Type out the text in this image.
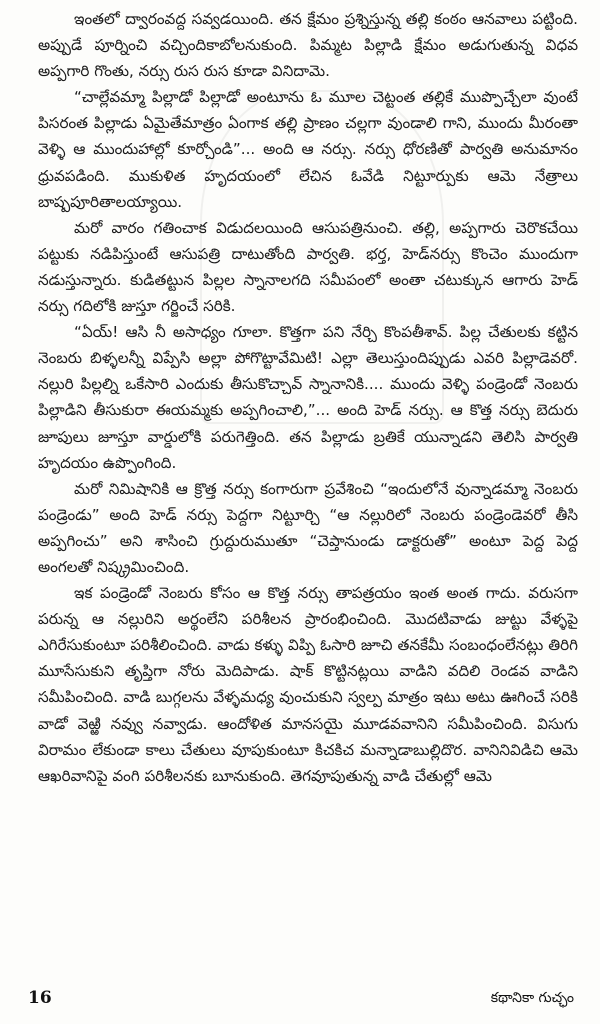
ఇంతలో ద్వారంవద్ద సవ్వడయింది. తన క్షేమం ప్రశ్నిస్తున్న తల్లి కంఠం ఆనవాలు పట్టింది. అప్పుడే పూర్నించి వచ్చిందికాబోలనుకుంది. పిమ్మట పిల్లాడి క్షేమం అడుగుతున్న విధవ అప్పగారి గొంతు, నర్సు రుస రుస కూడా వినిదామె.

“చాల్లేవమ్మా పిల్లాడో పిల్లాడో అంటూను ఓ మూల చెట్టంత తల్లికే ముప్పొచ్చేలా వుంటే పిసరంత పిల్లాడు ఏమైతేమాత్రం ఏంగాక తల్లి ప్రాణం చల్లగా వుండాలి గాని, ముందు మీరంతా వెళ్ళి ఆ ముందుహాల్లో కూర్చోండి”... అంది ఆ నర్సు. నర్సు ధోరణితో పార్వతి అనుమానం ధ్రువపడింది. ముకుళిత హృదయంలో లేచిన ఓవేడి నిట్టూర్పుకు ఆమె నేత్రాలు బాష్పపూరితాలయ్యాయి.

మరో వారం గతించాక విడుదలయింది ఆసుపత్రినుంచి. తల్లి, అప్పగారు చెరొకచేయి పట్టుకు నడిపిస్తుంటే ఆసుపత్రి దాటుతోంది పార్వతి. భర్త, హెడ్‌నర్సు కొంచెం ముందుగా నడుస్తున్నారు. కుడితట్టున పిల్లల స్నానాలగది సమీపంలో అంతా చటుక్కున ఆగారు హెడ్ నర్సు గదిలోకి జుస్తూ గర్జించే సరికి.

“ఏయ్! ఆసి నీ అసాధ్యం గూలా. కొత్తగా పని నేర్చి కొంపతీశావ్. పిల్ల చేతులకు కట్టిన నెంబరు బిళ్ళలన్నీ విప్పేసి అల్లా పోగొట్టావేమిటి! ఎల్లా తెలుస్తుందిప్పుడు ఎవరి పిల్లాడెవరో. నల్లురి పిల్లల్ని ఒకేసారి ఎందుకు తీసుకొచ్చావ్ స్నానానికి.... ముందు వెళ్ళి పండ్రెండో నెంబరు పిల్లాడిని తీసుకురా ఈయమ్మకు అప్పగించాలి,”... అంది హెడ్ నర్సు. ఆ కొత్త నర్సు బెదురు జూపులు జూస్తూ వార్డులోకి పరుగెత్తింది. తన పిల్లాడు బ్రతికే యున్నాడని తెలిసి పార్వతి హృదయం ఉప్పొంగింది.

మరో నిమిషానికి ఆ క్రొత్త నర్సు కంగారుగా ప్రవేశించి “ఇందులోనే వున్నాడమ్మా నెంబరు పండ్రెండు” అంది హెడ్ నర్సు పెద్దగా నిట్టూర్చి “ఆ నల్లురిలో నెంబరు పండ్రెండెవరో తీసి అప్పగించు” అని శాసించి గ్రుద్దురుముతూ “చెప్తానుండు డాక్టరుతో” అంటూ పెద్ద పెద్ద అంగలతో నిష్క్రమించింది.

ఇక పండ్రెండో నెంబరు కోసం ఆ కొత్త నర్సు తాపత్రయం ఇంత అంత గాదు. వరుసగా పరున్న ఆ నల్లురిని అర్థంలేని పరిశీలన ప్రారంభించింది. మొదటివాడు జుట్టు వేళ్ళపై ఎగిరేసుకుంటూ పరిశీలించింది. వాడు కళ్ళు విప్పి ఓసారి జూచి తనకేమీ సంబంధంలేనట్లు తిరిగి మూసేసుకుని తృప్తిగా నోరు మెదిపాడు. షాక్ కొట్టినట్లయి వాడిని వదిలి రెండవ వాడిని సమీపించింది. వాడి బుగ్గలను వేళ్ళమధ్య వుంచుకుని స్వల్ప మాత్రం ఇటు అటు ఊగించే సరికి వాడో వెఱ్ఱి నవ్వు నవ్వాడు. ఆందోళిత మానసయై మూడవవానిని సమీపించింది. విసుగు విరామం లేకుండా కాలు చేతులు వూపుకుంటూ కిచకిచ మన్నాడాబుల్లిదొర. వానినివిడిచి ఆమె ఆఖరివానిపై వంగి పరిశీలనకు బూనుకుంది. తెగవూపుతున్న వాడి చేతుల్లో ఆమె

16	కథానికా గుచ్ఛం
